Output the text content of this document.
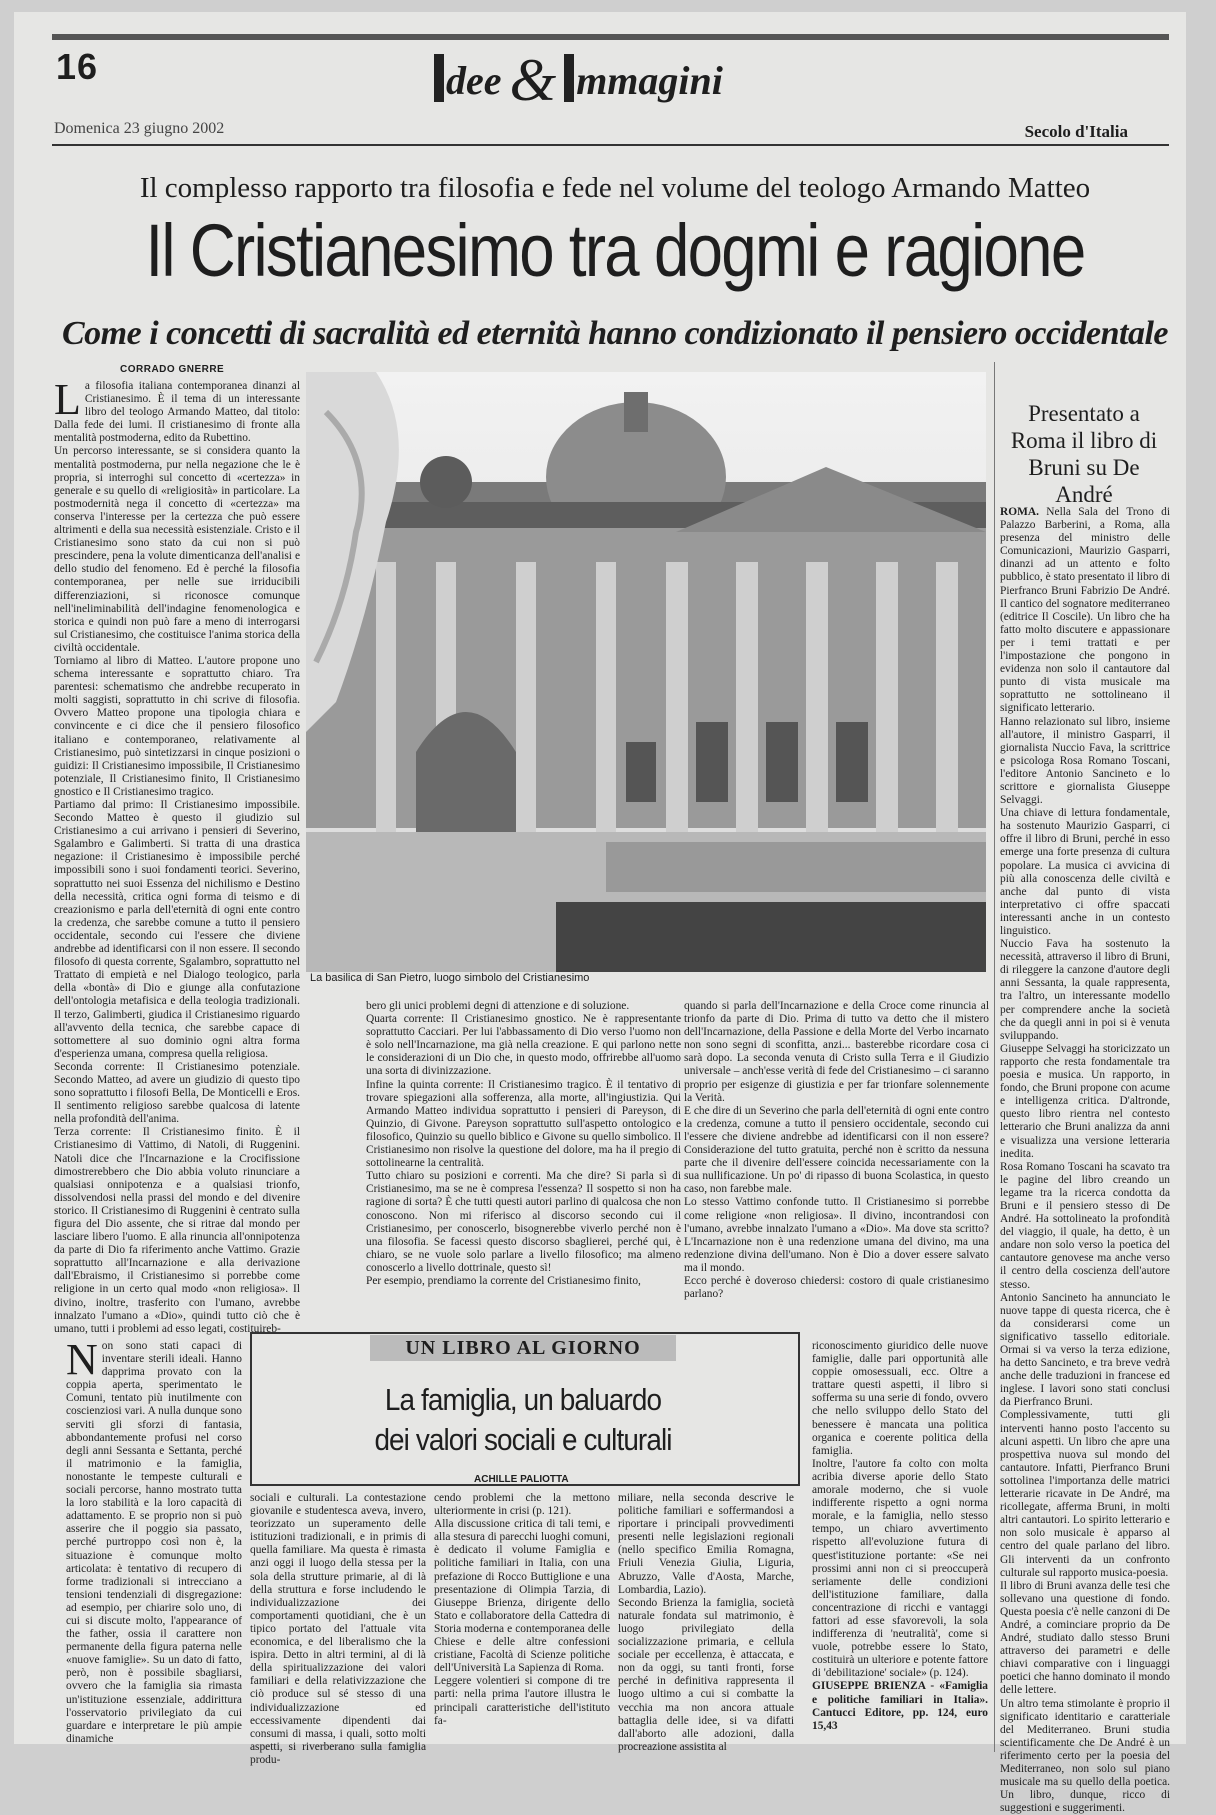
16	dee & mmagini
Domenica 23 giugno 2002	Secolo d'Italia
Il complesso rapporto tra filosofia e fede nel volume del teologo Armando Matteo
Il Cristianesimo tra dogmi e ragione
Come i concetti di sacralità ed eternità hanno condizionato il pensiero occidentale
CORRADO GNERRE

La filosofia italiana contemporanea dinanzi al Cristianesimo. È il tema di un interessante libro del teologo Armando Matteo, dal titolo: Dalla fede dei lumi. Il cristianesimo di fronte alla mentalità postmoderna, edito da Rubettino.

Un percorso interessante, se si considera quanto la mentalità postmoderna, pur nella negazione che le è propria, si interroghi sul concetto di «certezza» in generale e su quello di «religiosità» in particolare. La postmodernità nega il concetto di «certezza» ma conserva l'interesse per la certezza che può essere altrimenti e della sua necessità esistenziale. Cristo e il Cristianesimo sono stato da cui non si può prescindere, pena la volute dimenticanza dell'analisi e dello studio del fenomeno. Ed è perché la filosofia contemporanea, per nelle sue irriducibili differenziazioni, si riconosce comunque nell'ineliminabilità dell'indagine fenomenologica e storica e quindi non può fare a meno di interrogarsi sul Cristianesimo, che costituisce l'anima storica della civiltà occidentale.

Torniamo al libro di Matteo. L'autore propone uno schema interessante e soprattutto chiaro. Tra parentesi: schematismo che andrebbe recuperato in molti saggisti, soprattutto in chi scrive di filosofia. Ovvero Matteo propone una tipologia chiara e convincente e ci dice che il pensiero filosofico italiano e contemporaneo, relativamente al Cristianesimo, può sintetizzarsi in cinque posizioni o guidizi: Il Cristianesimo impossibile, Il Cristianesimo potenziale, Il Cristianesimo finito, Il Cristianesimo gnostico e Il Cristianesimo tragico.

Partiamo dal primo: Il Cristianesimo impossibile. Secondo Matteo è questo il giudizio sul Cristianesimo a cui arrivano i pensieri di Severino, Sgalambro e Galimberti. Si tratta di una drastica negazione: il Cristianesimo è impossibile perché impossibili sono i suoi fondamenti teorici. Severino, soprattutto nei suoi Essenza del nichilismo e Destino della necessità, critica ogni forma di teismo e di creazionismo e parla dell'eternità di ogni ente contro la credenza, che sarebbe comune a tutto il pensiero occidentale, secondo cui l'essere che diviene andrebbe ad identificarsi con il non essere. Il secondo filosofo di questa corrente, Sgalambro, soprattutto nel Trattato di empietà e nel Dialogo teologico, parla della «bontà» di Dio e giunge alla confutazione dell'ontologia metafisica e della teologia tradizionali. Il terzo, Galimberti, giudica il Cristianesimo riguardo all'avvento della tecnica, che sarebbe capace di sottomettere al suo dominio ogni altra forma d'esperienza umana, compresa quella religiosa.

Seconda corrente: Il Cristianesimo potenziale. Secondo Matteo, ad avere un giudizio di questo tipo sono soprattutto i filosofi Bella, De Monticelli e Eros. Il sentimento religioso sarebbe qualcosa di latente nella profondità dell'anima.

Terza corrente: Il Cristianesimo finito. È il Cristianesimo di Vattimo, di Natoli, di Ruggenini. Natoli dice che l'Incarnazione e la Crocifissione dimostrerebbero che Dio abbia voluto rinunciare a qualsiasi onnipotenza e a qualsiasi trionfo, dissolvendosi nella prassi del mondo e del divenire storico. Il Cristianesimo di Ruggenini è centrato sulla figura del Dio assente, che si ritrae dal mondo per lasciare libero l'uomo. E alla rinuncia all'onnipotenza da parte di Dio fa riferimento anche Vattimo. Grazie soprattutto all'Incarnazione e alla derivazione dall'Ebraismo, il Cristianesimo si porrebbe come religione in un certo qual modo «non religiosa». Il divino, inoltre, trasferito con l'umano, avrebbe innalzato l'umano a «Dio», quindi tutto ciò che è umano, tutti i problemi ad esso legati, costituireb-

La basilica di San Pietro, luogo simbolo del Cristianesimo

bero gli unici problemi degni di attenzione e di soluzione.

Quarta corrente: Il Cristianesimo gnostico. Ne è rappresentante soprattutto Cacciari. Per lui l'abbassamento di Dio verso l'uomo non è solo nell'Incarnazione, ma già nella creazione. E qui parlono nette le considerazioni di un Dio che, in questo modo, offrirebbe all'uomo una sorta di divinizzazione.

Infine la quinta corrente: Il Cristianesimo tragico. È il tentativo di trovare spiegazioni alla sofferenza, alla morte, all'ingiustizia. Qui Armando Matteo individua soprattutto i pensieri di Pareyson, di Quinzio, di Givone. Pareyson soprattutto sull'aspetto ontologico e filosofico, Quinzio su quello biblico e Givone su quello simbolico. Il Cristianesimo non risolve la questione del dolore, ma ha il pregio di sottolinearne la centralità.

Tutto chiaro su posizioni e correnti. Ma che dire? Si parla sì di Cristianesimo, ma se ne è compresa l'essenza? Il sospetto si non ha ragione di sorta? È che tutti questi autori parlino di qualcosa che non conoscono. Non mi riferisco al discorso secondo cui il Cristianesimo, per conoscerlo, bisognerebbe viverlo perché non è una filosofia. Se facessi questo discorso sbaglierei, perché qui, è chiaro, se ne vuole solo parlare a livello filosofico; ma almeno conoscerlo a livello dottrinale, questo sì!

Per esempio, prendiamo la corrente del Cristianesimo finito,

quando si parla dell'Incarnazione e della Croce come rinuncia al trionfo da parte di Dio. Prima di tutto va detto che il mistero dell'Incarnazione, della Passione e della Morte del Verbo incarnato non sono segni di sconfitta, anzi... basterebbe ricordare cosa ci sarà dopo. La seconda venuta di Cristo sulla Terra e il Giudizio universale – anch'esse verità di fede del Cristianesimo – ci saranno proprio per esigenze di giustizia e per far trionfare solennemente la Verità.

E che dire di un Severino che parla dell'eternità di ogni ente contro la credenza, comune a tutto il pensiero occidentale, secondo cui l'essere che diviene andrebbe ad identificarsi con il non essere? Considerazione del tutto gratuita, perché non è scritto da nessuna parte che il divenire dell'essere coincida necessariamente con la sua nullificazione. Un po' di ripasso di buona Scolastica, in questo caso, non farebbe male.

Lo stesso Vattimo confonde tutto. Il Cristianesimo si porrebbe come religione «non religiosa». Il divino, incontrandosi con l'umano, avrebbe innalzato l'umano a «Dio». Ma dove sta scritto? L'Incarnazione non è una redenzione umana del divino, ma una redenzione divina dell'umano. Non è Dio a dover essere salvato ma il mondo.

Ecco perché è doveroso chiedersi: costoro di quale cristianesimo parlano?

Presentato a Roma il libro di Bruni su De André

ROMA. Nella Sala del Trono di Palazzo Barberini, a Roma, alla presenza del ministro delle Comunicazioni, Maurizio Gasparri, dinanzi ad un attento e folto pubblico, è stato presentato il libro di Pierfranco Bruni Fabrizio De André. Il cantico del sognatore mediterraneo (editrice Il Coscile). Un libro che ha fatto molto discutere e appassionare per i temi trattati e per l'impostazione che pongono in evidenza non solo il cantautore dal punto di vista musicale ma soprattutto ne sottolineano il significato letterario.

Hanno relazionato sul libro, insieme all'autore, il ministro Gasparri, il giornalista Nuccio Fava, la scrittrice e psicologa Rosa Romano Toscani, l'editore Antonio Sancineto e lo scrittore e giornalista Giuseppe Selvaggi.

Una chiave di lettura fondamentale, ha sostenuto Maurizio Gasparri, ci offre il libro di Bruni, perché in esso emerge una forte presenza di cultura popolare. La musica ci avvicina di più alla conoscenza delle civiltà e anche dal punto di vista interpretativo ci offre spaccati interessanti anche in un contesto linguistico.

Nuccio Fava ha sostenuto la necessità, attraverso il libro di Bruni, di rileggere la canzone d'autore degli anni Sessanta, la quale rappresenta, tra l'altro, un interessante modello per comprendere anche la società che da quegli anni in poi si è venuta sviluppando.

Giuseppe Selvaggi ha storicizzato un rapporto che resta fondamentale tra poesia e musica. Un rapporto, in fondo, che Bruni propone con acume e intelligenza critica. D'altronde, questo libro rientra nel contesto letterario che Bruni analizza da anni e visualizza una versione letteraria inedita.

Rosa Romano Toscani ha scavato tra le pagine del libro creando un legame tra la ricerca condotta da Bruni e il pensiero stesso di De André. Ha sottolineato la profondità del viaggio, il quale, ha detto, è un andare non solo verso la poetica del cantautore genovese ma anche verso il centro della coscienza dell'autore stesso.

Antonio Sancineto ha annunciato le nuove tappe di questa ricerca, che è da considerarsi come un significativo tassello editoriale. Ormai si va verso la terza edizione, ha detto Sancineto, e tra breve vedrà anche delle traduzioni in francese ed inglese. I lavori sono stati conclusi da Pierfranco Bruni.

Complessivamente, tutti gli interventi hanno posto l'accento su alcuni aspetti. Un libro che apre una prospettiva nuova sul mondo del cantautore. Infatti, Pierfranco Bruni sottolinea l'importanza delle matrici letterarie ricavate in De André, ma ricollegate, afferma Bruni, in molti altri cantautori. Lo spirito letterario e non solo musicale è apparso al centro del quale parlano del libro. Gli interventi da un confronto culturale sul rapporto musica-poesia.

Il libro di Bruni avanza delle tesi che sollevano una questione di fondo. Questa poesia c'è nelle canzoni di De André, a cominciare proprio da De André, studiato dallo stesso Bruni attraverso dei parametri e delle chiavi comparative con i linguaggi poetici che hanno dominato il mondo delle lettere.

Un altro tema stimolante è proprio il significato identitario e caratteriale del Mediterraneo. Bruni studia scientificamente che De André è un riferimento certo per la poesia del Mediterraneo, non solo sul piano musicale ma su quello della poetica. Un libro, dunque, ricco di suggestioni e suggerimenti.

UN LIBRO AL GIORNO
La famiglia, un baluardo
dei valori sociali e culturali
ACHILLE PALIOTTA

Non sono stati capaci di inventare sterili ideali. Hanno dapprima provato con la coppia aperta, sperimentato le Comuni, tentato più inutilmente con coscienziosi vari. A nulla dunque sono serviti gli sforzi di fantasia, abbondantemente profusi nel corso degli anni Sessanta e Settanta, perché il matrimonio e la famiglia, nonostante le tempeste culturali e sociali percorse, hanno mostrato tutta la loro stabilità e la loro capacità di adattamento. E se proprio non si può asserire che il poggio sia passato, perché purtroppo così non è, la situazione è comunque molto articolata: è tentativo di recupero di forme tradizionali si intrecciano a tensioni tendenziali di disgregazione: ad esempio, per chiarire solo uno, di cui si discute molto, l'appearance of the father, ossia il carattere non permanente della figura paterna nelle «nuove famiglie». Su un dato di fatto, però, non è possibile sbagliarsi, ovvero che la famiglia sia rimasta un'istituzione essenziale, addirittura l'osservatorio privilegiato da cui guardare e interpretare le più ampie dinamiche

sociali e culturali. La contestazione giovanile e studentesca aveva, invero, teorizzato un superamento delle istituzioni tradizionali, e in primis di quella familiare. Ma questa è rimasta anzi oggi il luogo della stessa per la sola della strutture primarie, al di là della struttura e forse includendo le individualizzazione dei comportamenti quotidiani, che è un tipico portato del l'attuale vita economica, e del liberalismo che la ispira. Detto in altri termini, al di là della spiritualizzazione dei valori familiari e della relativizzazione che ciò produce sul sé stesso di una individualizzazione ed eccessivamente dipendenti dai consumi di massa, i quali, sotto molti aspetti, si riverberano sulla famiglia produ-

cendo problemi che la mettono ulteriormente in crisi (p. 121).

Alla discussione critica di tali temi, e alla stesura di parecchi luoghi comuni, è dedicato il volume Famiglia e politiche familiari in Italia, con una prefazione di Rocco Buttiglione e una presentazione di Olimpia Tarzia, di Giuseppe Brienza, dirigente dello Stato e collaboratore della Cattedra di Storia moderna e contemporanea delle Chiese e delle altre confessioni cristiane, Facoltà di Scienze politiche dell'Università La Sapienza di Roma.

Leggere volentieri si compone di tre parti: nella prima l'autore illustra le principali caratteristiche dell'istituto fa-

miliare, nella seconda descrive le politiche familiari e soffermandosi a riportare i principali provvedimenti presenti nelle legislazioni regionali (nello specifico Emilia Romagna, Friuli Venezia Giulia, Liguria, Abruzzo, Valle d'Aosta, Marche, Lombardia, Lazio).

Secondo Brienza la famiglia, società naturale fondata sul matrimonio, è luogo privilegiato della socializzazione primaria, e cellula sociale per eccellenza, è attaccata, e non da oggi, su tanti fronti, forse perché in definitiva rappresenta il luogo ultimo a cui si combatte la vecchia ma non ancora attuale battaglia delle idee, si va difatti dall'aborto alle adozioni, dalla procreazione assistita al

riconoscimento giuridico delle nuove famiglie, dalle pari opportunità alle coppie omosessuali, ecc. Oltre a trattare questi aspetti, il libro si sofferma su una serie di fondo, ovvero che nello sviluppo dello Stato del benessere è mancata una politica organica e coerente politica della famiglia.

Inoltre, l'autore fa colto con molta acribia diverse aporie dello Stato amorale moderno, che si vuole indifferente rispetto a ogni norma morale, e la famiglia, nello stesso tempo, un chiaro avvertimento rispetto all'evoluzione futura di quest'istituzione portante: «Se nei prossimi anni non ci si preoccuperà seriamente delle condizioni dell'istituzione familiare, dalla concentrazione di ricchi e vantaggi fattori ad esse sfavorevoli, la sola indifferenza di 'neutralità', come si vuole, potrebbe essere lo Stato, costituirà un ulteriore e potente fattore di 'debilitazione' sociale» (p. 124).

GIUSEPPE BRIENZA - «Famiglia e politiche familiari in Italia». Cantucci Editore, pp. 124, euro 15,43
